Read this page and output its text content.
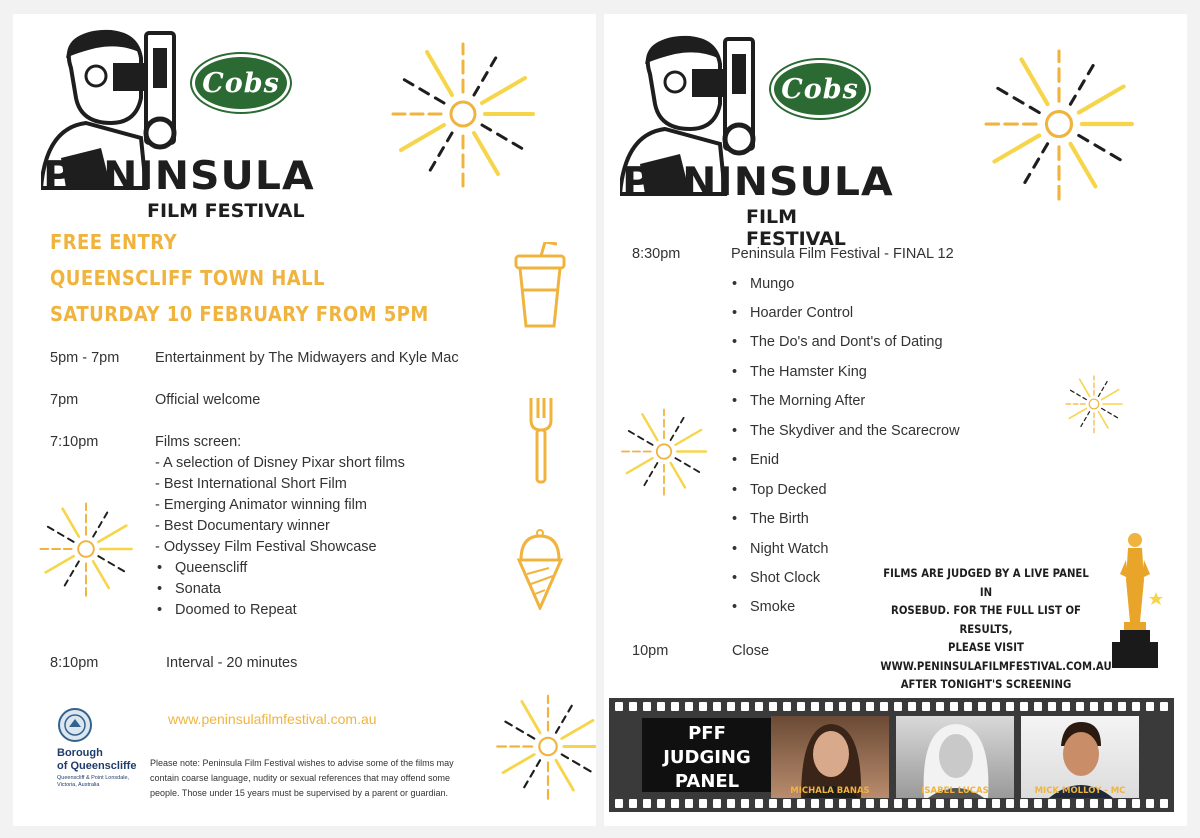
Cobs
PENINSULA
FILM FESTIVAL
FREE ENTRY
QUEENSCLIFF TOWN HALL
SATURDAY 10 FEBRUARY FROM 5PM
5pm - 7pm Entertainment by The Midwayers and Kyle Mac
7pm	Official welcome
7:10pm	Films screen:
- A selection of Disney Pixar short films
- Best International Short Film
- Emerging Animator winning film
- Best Documentary winner
- Odyssey Film Festival Showcase
• Queenscliff
• Sonata
• Doomed to Repeat
8:10pm	Interval - 20 minutes
Borough
of Queenscliffe
Queenscliff & Point Lonsdale, Victoria, Australia
www.peninsulafilmfestival.com.au
Please note: Peninsula Film Festival wishes to advise some of the films may contain coarse language, nudity or sexual references that may offend some people. Those under 15 years must be supervised by a parent or guardian.
Cobs
PENINSULA
FILM FESTIVAL
8:30pm	Peninsula Film Festival - FINAL 12
• Mungo
• Hoarder Control
• The Do's and Dont's of Dating
• The Hamster King
• The Morning After
• The Skydiver and the Scarecrow
• Enid
• Top Decked
• The Birth
• Night Watch
• Shot Clock
• Smoke
10pm	Close
FILMS ARE JUDGED BY A LIVE PANEL IN
ROSEBUD. FOR THE FULL LIST OF RESULTS,
PLEASE VISIT
WWW.PENINSULAFILMFESTIVAL.COM.AU
AFTER TONIGHT'S SCREENING
PFF
JUDGING
PANEL	MICHALA BANAS	ISABEL LUCAS	MICK MOLLOY - MC
